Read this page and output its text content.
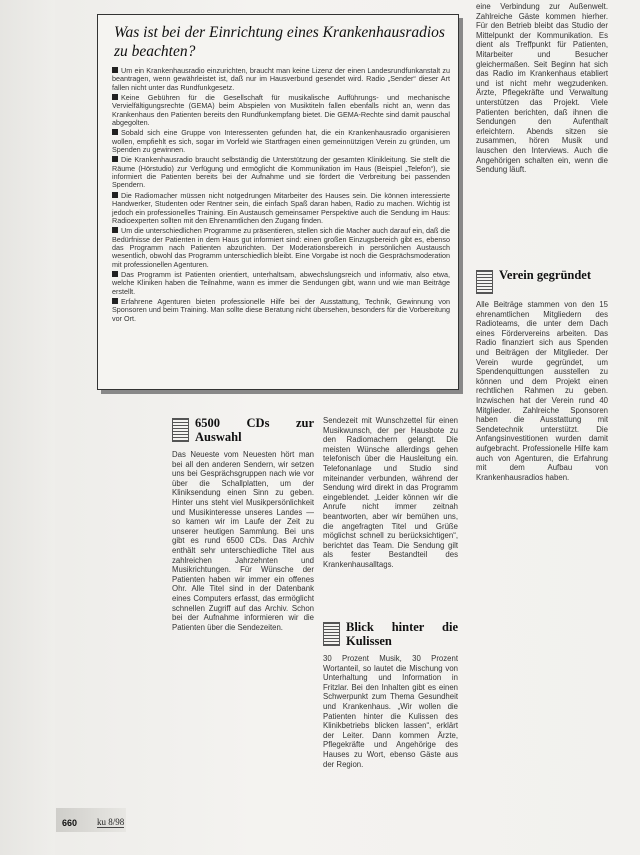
Was ist bei der Einrichtung eines Krankenhausradios zu beachten?

Um ein Krankenhausradio einzurichten, braucht man keine Lizenz der einen Landesrundfunkanstalt zu beantragen, wenn gewährleistet ist, daß nur im Hausverbund gesendet wird. Radio „Sender“ dieser Art fallen nicht unter das Rundfunkgesetz.

Keine Gebühren für die Gesellschaft für musikalische Aufführungs- und mechanische Vervielfältigungsrechte (GEMA) beim Abspielen von Musiktiteln fallen ebenfalls nicht an, wenn das Krankenhaus den Patienten bereits den Rundfunkempfang bietet. Die GEMA-Rechte sind damit pauschal abgegolten.

Sobald sich eine Gruppe von Interessenten gefunden hat, die ein Krankenhausradio organisieren wollen, empfiehlt es sich, sogar im Vorfeld wie Startfragen einen gemeinnützigen Verein zu gründen, um Spenden zu gewinnen.

Die Krankenhausradio braucht selbständig die Unterstützung der gesamten Klinikleitung. Sie stellt die Räume (Hörstudio) zur Verfügung und ermöglicht die Kommunikation im Haus (Beispiel „Telefon“), sie informiert die Patienten bereits bei der Aufnahme und sie fördert die Verbreitung bei passenden Spendern.

Die Radiomacher müssen nicht notgedrungen Mitarbeiter des Hauses sein. Die können interessierte Handwerker, Studenten oder Rentner sein, die einfach Spaß daran haben, Radio zu machen. Wichtig ist jedoch ein professionelles Training. Ein Austausch gemeinsamer Perspektive auch die Sendung im Haus: Radioexperten sollten mit den Ehrenamtlichen den Zugang finden.

Um die unterschiedlichen Programme zu präsentieren, stellen sich die Macher auch darauf ein, daß die Bedürfnisse der Patienten in dem Haus gut informiert sind: einen großen Einzugsbereich gibt es, ebenso das Programm nach Patienten abzurichten. Der Moderationsbereich in persönlichen Austausch wesentlich, obwohl das Programm unterschiedlich bleibt. Eine Vorgabe ist noch die Gesprächsmoderation mit professionellen Agenturen.

Das Programm ist Patienten orientiert, unterhaltsam, abwechslungsreich und informativ, also etwa, welche Kliniken haben die Teilnahme, wann es immer die Sendungen gibt, wann und wie man Beiträge erstellt.

Erfahrene Agenturen bieten professionelle Hilfe bei der Ausstattung, Technik, Gewinnung von Sponsoren und beim Training. Man sollte diese Beratung nicht übersehen, besonders für die Vorbereitung vor Ort.

6500 CDs zur Auswahl

Das Neueste vom Neuesten hört man bei all den anderen Sendern, wir setzen uns bei Gesprächsgruppen nach wie vor über die Schallplatten, um der Kliniksendung einen Sinn zu geben. Hinter uns steht viel Musikpersönlichkeit und Musikinteresse unseres Landes — so kamen wir im Laufe der Zeit zu unserer heutigen Sammlung. Bei uns gibt es rund 6500 CDs. Das Archiv enthält sehr unterschiedliche Titel aus zahlreichen Jahrzehnten und Musikrichtungen. Für Wünsche der Patienten haben wir immer ein offenes Ohr. Alle Titel sind in der Datenbank eines Computers erfasst, das ermöglicht schnellen Zugriff auf das Archiv. Schon bei der Aufnahme informieren wir die Patienten über die Sendezeiten.

Sendezeit mit Wunschzettel für einen Musikwunsch, der per Hausbote zu den Radiomachern gelangt. Die meisten Wünsche allerdings gehen telefonisch über die Hausleitung ein. Telefonanlage und Studio sind miteinander verbunden, während der Sendung wird direkt in das Programm eingeblendet. „Leider können wir die Anrufe nicht immer zeitnah beantworten, aber wir bemühen uns, die angefragten Titel und Grüße möglichst schnell zu berücksichtigen“, berichtet das Team. Die Sendung gilt als fester Bestandteil des Krankenhausalltags.

Blick hinter die Kulissen

30 Prozent Musik, 30 Prozent Wortanteil, so lautet die Mischung von Unterhaltung und Information in Fritzlar. Bei den Inhalten gibt es einen Schwerpunkt zum Thema Gesundheit und Krankenhaus. „Wir wollen die Patienten hinter die Kulissen des Klinikbetriebs blicken lassen“, erklärt der Leiter. Dann kommen Ärzte, Pflegekräfte und Angehörige des Hauses zu Wort, ebenso Gäste aus der Region.

eine Verbindung zur Außenwelt. Zahlreiche Gäste kommen hierher. Für den Betrieb bleibt das Studio der Mittelpunkt der Kommunikation. Es dient als Treffpunkt für Patienten, Mitarbeiter und Besucher gleichermaßen. Seit Beginn hat sich das Radio im Krankenhaus etabliert und ist nicht mehr wegzudenken. Ärzte, Pflegekräfte und Verwaltung unterstützen das Projekt. Viele Patienten berichten, daß ihnen die Sendungen den Aufenthalt erleichtern. Abends sitzen sie zusammen, hören Musik und lauschen den Interviews. Auch die Angehörigen schalten ein, wenn die Sendung läuft.

Verein gegründet

Alle Beiträge stammen von den 15 ehrenamtlichen Mitgliedern des Radioteams, die unter dem Dach eines Fördervereins arbeiten. Das Radio finanziert sich aus Spenden und Beiträgen der Mitglieder. Der Verein wurde gegründet, um Spendenquittungen ausstellen zu können und dem Projekt einen rechtlichen Rahmen zu geben. Inzwischen hat der Verein rund 40 Mitglieder. Zahlreiche Sponsoren haben die Ausstattung mit Sendetechnik unterstützt. Die Anfangsinvestitionen wurden damit aufgebracht. Professionelle Hilfe kam auch von Agenturen, die Erfahrung mit dem Aufbau von Krankenhausradios haben.

660 ku 8/98
